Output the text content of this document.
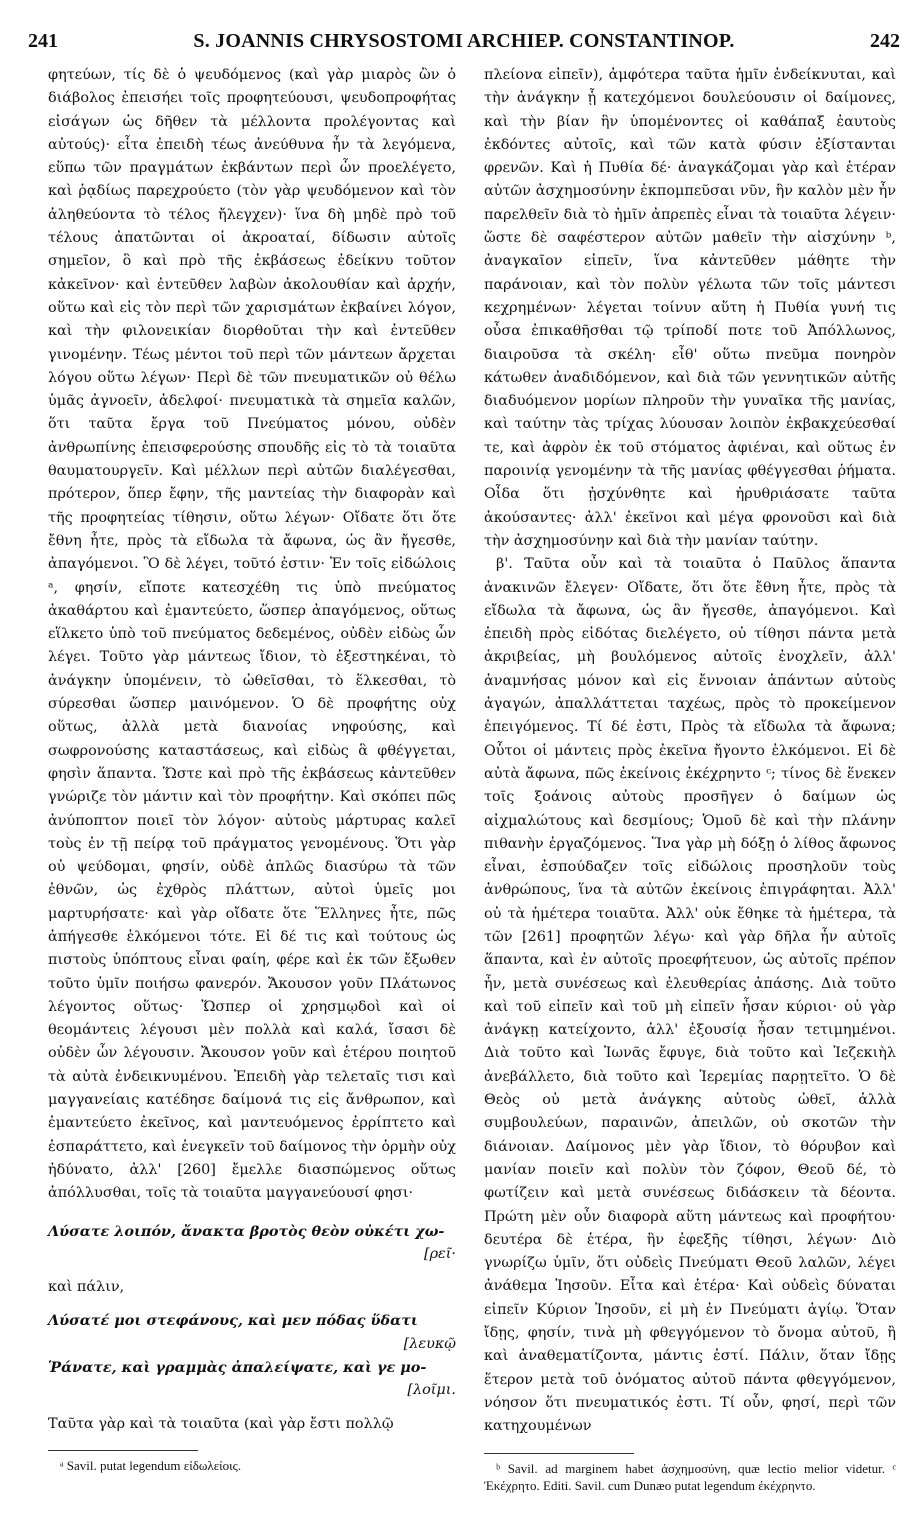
241	S. JOANNIS CHRYSOSTOMI ARCHIEP. CONSTANTINOP.	242

φητεύων, τίς δὲ ὁ ψευδόμενος (καὶ γὰρ μιαρὸς ὢν ὁ διάβολος ἐπεισήει τοῖς προφητεύουσι, ψευδοπροφήτας εἰσάγων ὡς δῆθεν τὰ μέλλοντα προλέγοντας καὶ αὐτούς)· εἶτα ἐπειδὴ τέως ἀνεύθυνα ἦν τὰ λεγόμενα, εὕπω τῶν πραγμάτων ἐκβάντων περὶ ὧν προελέγετο, καὶ ῥᾳδίως παρεχρούετο (τὸν γὰρ ψευδόμενον καὶ τὸν ἀληθεύοντα τὸ τέλος ἤλεγχεν)· ἵνα δὴ μηδὲ πρὸ τοῦ τέλους ἀπατῶνται οἱ ἀκροαταί, δίδωσιν αὐτοῖς σημεῖον, ὃ καὶ πρὸ τῆς ἐκβάσεως ἐδείκνυ τοῦτον κἀκεῖνον· καὶ ἐντεῦθεν λαβὼν ἀκολουθίαν καὶ ἀρχήν, οὕτω καὶ εἰς τὸν περὶ τῶν χαρισμάτων ἐκβαίνει λόγον, καὶ τὴν φιλονεικίαν διορθοῦται τὴν καὶ ἐντεῦθεν γινομένην. Τέως μέντοι τοῦ περὶ τῶν μάντεων ἄρχεται λόγου οὕτω λέγων· Περὶ δὲ τῶν πνευματικῶν οὐ θέλω ὑμᾶς ἀγνοεῖν, ἀδελφοί· πνευματικὰ τὰ σημεῖα καλῶν, ὅτι ταῦτα ἔργα τοῦ Πνεύματος μόνου, οὐδὲν ἀνθρωπίνης ἐπεισφερούσης σπουδῆς εἰς τὸ τὰ τοιαῦτα θαυματουργεῖν. Καὶ μέλλων περὶ αὐτῶν διαλέγεσθαι, πρότερον, ὅπερ ἔφην, τῆς μαντείας τὴν διαφορὰν καὶ τῆς προφητείας τίθησιν, οὕτω λέγων· Οἴδατε ὅτι ὅτε ἔθνη ἦτε, πρὸς τὰ εἴδωλα τὰ ἄφωνα, ὡς ἂν ἤγεσθε, ἀπαγόμενοι. Ὃ δὲ λέγει, τοῦτό ἐστιν· Ἐν τοῖς εἰδώλοις ᵃ, φησίν, εἴποτε κατεσχέθη τις ὑπὸ πνεύματος ἀκαθάρτου καὶ ἐμαντεύετο, ὥσπερ ἀπαγόμενος, οὕτως εἵλκετο ὑπὸ τοῦ πνεύματος δεδεμένος, οὐδὲν εἰδὼς ὧν λέγει. Τοῦτο γὰρ μάντεως ἴδιον, τὸ ἐξεστηκέναι, τὸ ἀνάγκην ὑπομένειν, τὸ ὠθεῖσθαι, τὸ ἕλκεσθαι, τὸ σύρεσθαι ὥσπερ μαινόμενον. Ὁ δὲ προφήτης οὐχ οὕτως, ἀλλὰ μετὰ διανοίας νηφούσης, καὶ σωφρονούσης καταστάσεως, καὶ εἰδὼς ἃ φθέγγεται, φησὶν ἅπαντα. Ὥστε καὶ πρὸ τῆς ἐκβάσεως κἀντεῦθεν γνώριζε τὸν μάντιν καὶ τὸν προφήτην. Καὶ σκόπει πῶς ἀνύποπτον ποιεῖ τὸν λόγον· αὐτοὺς μάρτυρας καλεῖ τοὺς ἐν τῇ πείρᾳ τοῦ πράγματος γενομένους. Ὅτι γὰρ οὐ ψεύδομαι, φησίν, οὐδὲ ἁπλῶς διασύρω τὰ τῶν ἐθνῶν, ὡς ἐχθρὸς πλάττων, αὐτοὶ ὑμεῖς μοι μαρτυρήσατε· καὶ γὰρ οἴδατε ὅτε Ἕλληνες ἦτε, πῶς ἀπήγεσθε ἑλκόμενοι τότε. Εἰ δέ τις καὶ τούτους ὡς πιστοὺς ὑπόπτους εἶναι φαίη, φέρε καὶ ἐκ τῶν ἔξωθεν τοῦτο ὑμῖν ποιήσω φανερόν. Ἄκουσον γοῦν Πλάτωνος λέγοντος οὕτως· Ὥσπερ οἱ χρησμῳδοὶ καὶ οἱ θεομάντεις λέγουσι μὲν πολλὰ καὶ καλά, ἴσασι δὲ οὐδὲν ὧν λέγουσιν. Ἄκουσον γοῦν καὶ ἑτέρου ποιητοῦ τὰ αὐτὰ ἐνδεικνυμένου. Ἐπειδὴ γὰρ τελεταῖς τισι καὶ μαγγανείαις κατέδησε δαίμονά τις εἰς ἄνθρωπον, καὶ ἐμαντεύετο ἐκεῖνος, καὶ μαντευόμενος ἐρρίπτετο καὶ ἐσπαράττετο, καὶ ἐνεγκεῖν τοῦ δαίμονος τὴν ὁρμὴν οὐχ ἠδύνατο, ἀλλ' [260] ἔμελλε διασπώμενος οὕτως ἀπόλλυσθαι, τοῖς τὰ τοιαῦτα μαγγανεύουσί φησι·

Λύσατε λοιπόν, ἄνακτα βροτὸς θεὸν οὐκέτι χω-
[ρεῖ·

καὶ πάλιν,

Λύσατέ μοι στεφάνους, καὶ μεν πόδας ὕδατι
[λευκῷ
Ῥάνατε, καὶ γραμμὰς ἀπαλείψατε, καὶ γε μο-
[λοῖμι.

Ταῦτα γὰρ καὶ τὰ τοιαῦτα (καὶ γὰρ ἔστι πολλῷ

ᵃ Savil. putat legendum εἰδωλείοις.

πλείονα εἰπεῖν), ἀμφότερα ταῦτα ἡμῖν ἐνδείκνυται, καὶ τὴν ἀνάγκην ᾗ κατεχόμενοι δουλεύουσιν οἱ δαίμονες, καὶ τὴν βίαν ἣν ὑπομένοντες οἱ καθάπαξ ἑαυτοὺς ἐκδόντες αὐτοῖς, καὶ τῶν κατὰ φύσιν ἐξίστανται φρενῶν. Καὶ ἡ Πυθία δέ· ἀναγκάζομαι γὰρ καὶ ἑτέραν αὐτῶν ἀσχημοσύνην ἐκπομπεῦσαι νῦν, ἣν καλὸν μὲν ἦν παρελθεῖν διὰ τὸ ἡμῖν ἀπρεπὲς εἶναι τὰ τοιαῦτα λέγειν· ὥστε δὲ σαφέστερον αὐτῶν μαθεῖν τὴν αἰσχύνην ᵇ, ἀναγκαῖον εἰπεῖν, ἵνα κἀντεῦθεν μάθητε τὴν παράνοιαν, καὶ τὸν πολὺν γέλωτα τῶν τοῖς μάντεσι κεχρημένων· λέγεται τοίνυν αὕτη ἡ Πυθία γυνή τις οὖσα ἐπικαθῆσθαι τῷ τρίποδί ποτε τοῦ Ἀπόλλωνος, διαιροῦσα τὰ σκέλη· εἶθ' οὕτω πνεῦμα πονηρὸν κάτωθεν ἀναδιδόμενον, καὶ διὰ τῶν γεννητικῶν αὐτῆς διαδυόμενον μορίων πληροῦν τὴν γυναῖκα τῆς μανίας, καὶ ταύτην τὰς τρίχας λύουσαν λοιπὸν ἐκβακχεύεσθαί τε, καὶ ἀφρὸν ἐκ τοῦ στόματος ἀφιέναι, καὶ οὕτως ἐν παροινίᾳ γενομένην τὰ τῆς μανίας φθέγγεσθαι ῥήματα. Οἶδα ὅτι ᾐσχύνθητε καὶ ἠρυθριάσατε ταῦτα ἀκούσαντες· ἀλλ' ἐκεῖνοι καὶ μέγα φρονοῦσι καὶ διὰ τὴν ἀσχημοσύνην καὶ διὰ τὴν μανίαν ταύτην.

β'. Ταῦτα οὖν καὶ τὰ τοιαῦτα ὁ Παῦλος ἅπαντα ἀνακινῶν ἔλεγεν· Οἴδατε, ὅτι ὅτε ἔθνη ἦτε, πρὸς τὰ εἴδωλα τὰ ἄφωνα, ὡς ἂν ἤγεσθε, ἀπαγόμενοι. Καὶ ἐπειδὴ πρὸς εἰδότας διελέγετο, οὐ τίθησι πάντα μετὰ ἀκριβείας, μὴ βουλόμενος αὐτοῖς ἐνοχλεῖν, ἀλλ' ἀναμνήσας μόνον καὶ εἰς ἔννοιαν ἁπάντων αὐτοὺς ἀγαγών, ἀπαλλάττεται ταχέως, πρὸς τὸ προκείμενον ἐπειγόμενος. Τί δέ ἐστι, Πρὸς τὰ εἴδωλα τὰ ἄφωνα; Οὗτοι οἱ μάντεις πρὸς ἐκεῖνα ἤγοντο ἑλκόμενοι. Εἰ δὲ αὐτὰ ἄφωνα, πῶς ἐκείνοις ἐκέχρηντο ᶜ; τίνος δὲ ἕνεκεν τοῖς ξοάνοις αὐτοὺς προσῆγεν ὁ δαίμων ὡς αἰχμαλώτους καὶ δεσμίους; Ὁμοῦ δὲ καὶ τὴν πλάνην πιθανὴν ἐργαζόμενος. Ἵνα γὰρ μὴ δόξῃ ὁ λίθος ἄφωνος εἶναι, ἐσπούδαζεν τοῖς εἰδώλοις προσηλοῦν τοὺς ἀνθρώπους, ἵνα τὰ αὐτῶν ἐκείνοις ἐπιγράφηται. Ἀλλ' οὐ τὰ ἡμέτερα τοιαῦτα. Ἀλλ' οὐκ ἔθηκε τὰ ἡμέτερα, τὰ τῶν [261] προφητῶν λέγω· καὶ γὰρ δῆλα ἦν αὐτοῖς ἅπαντα, καὶ ἐν αὐτοῖς προεφήτευον, ὡς αὐτοῖς πρέπον ἦν, μετὰ συνέσεως καὶ ἐλευθερίας ἁπάσης. Διὰ τοῦτο καὶ τοῦ εἰπεῖν καὶ τοῦ μὴ εἰπεῖν ἦσαν κύριοι· οὐ γὰρ ἀνάγκῃ κατείχοντο, ἀλλ' ἐξουσίᾳ ἦσαν τετιμημένοι. Διὰ τοῦτο καὶ Ἰωνᾶς ἔφυγε, διὰ τοῦτο καὶ Ἰεζεκιὴλ ἀνεβάλλετο, διὰ τοῦτο καὶ Ἱερεμίας παρῃτεῖτο. Ὁ δὲ Θεὸς οὐ μετὰ ἀνάγκης αὐτοὺς ὠθεῖ, ἀλλὰ συμβουλεύων, παραινῶν, ἀπειλῶν, οὐ σκοτῶν τὴν διάνοιαν. Δαίμονος μὲν γὰρ ἴδιον, τὸ θόρυβον καὶ μανίαν ποιεῖν καὶ πολὺν τὸν ζόφον, Θεοῦ δέ, τὸ φωτίζειν καὶ μετὰ συνέσεως διδάσκειν τὰ δέοντα. Πρώτη μὲν οὖν διαφορὰ αὕτη μάντεως καὶ προφήτου· δευτέρα δὲ ἑτέρα, ἣν ἐφεξῆς τίθησι, λέγων· Διὸ γνωρίζω ὑμῖν, ὅτι οὐδεὶς Πνεύματι Θεοῦ λαλῶν, λέγει ἀνάθεμα Ἰησοῦν. Εἶτα καὶ ἑτέρα· Καὶ οὐδεὶς δύναται εἰπεῖν Κύριον Ἰησοῦν, εἰ μὴ ἐν Πνεύματι ἁγίῳ. Ὅταν ἴδῃς, φησίν, τινὰ μὴ φθεγγόμενον τὸ ὄνομα αὐτοῦ, ἢ καὶ ἀναθεματίζοντα, μάντις ἐστί. Πάλιν, ὅταν ἴδῃς ἕτερον μετὰ τοῦ ὀνόματος αὐτοῦ πάντα φθεγγόμενον, νόησον ὅτι πνευματικός ἐστι. Τί οὖν, φησί, περὶ τῶν κατηχουμένων

ᵇ Savil. ad marginem habet ἀσχημοσύνη, quæ lectio melior videtur. ᶜ Ἐκέχρητο. Editi. Savil. cum Dunæo putat legendum ἐκέχρηντο.
